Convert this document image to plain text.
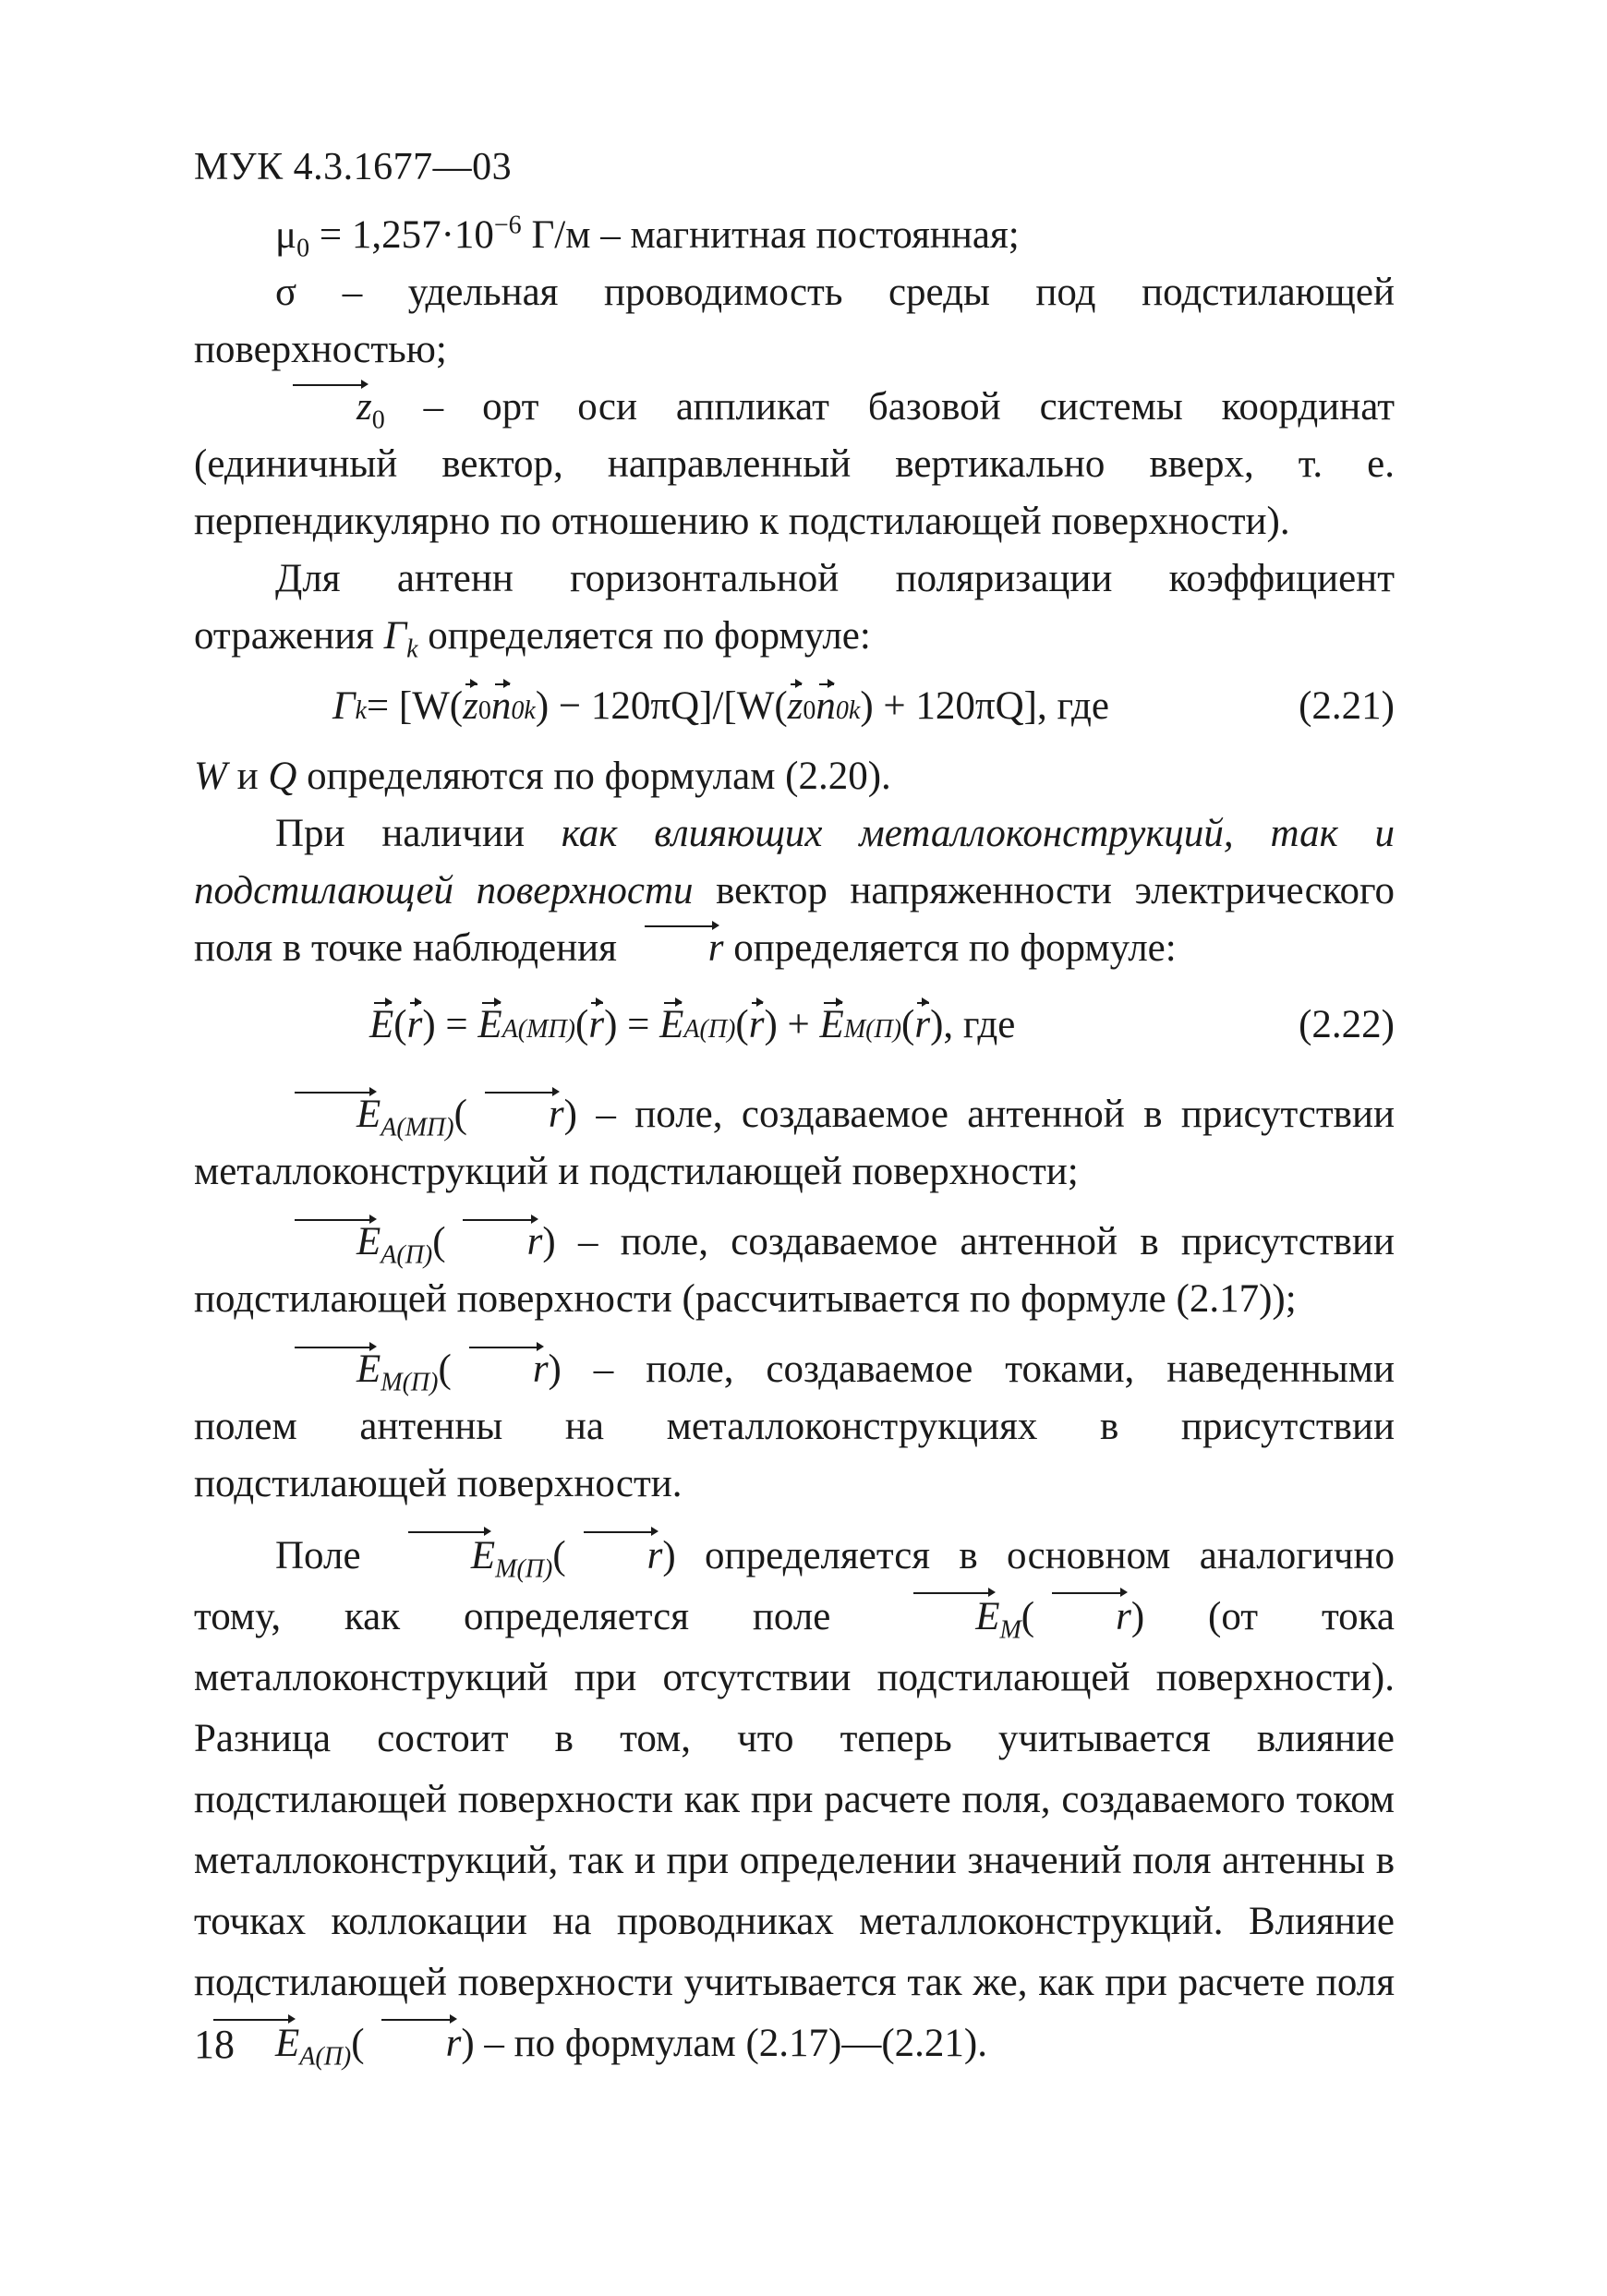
МУК 4.3.1677—03

$\mu_0 = 1,257\cdot 10^{-6}$ Г/м – магнитная постоянная;

σ – удельная проводимость среды под подстилающей поверхностью;

$z_0$ – орт оси аппликат базовой системы координат (единичный вектор, направленный вертикально вверх, т. е. перпендикулярно по отношению к подстилающей поверхности).

Для антенн горизонтальной поляризации коэффициент отражения $Г_k$ определяется по формуле:

Г k = [W( z 0 n 0k ) − 120πQ]/[W( z 0 n 0k ) + 120πQ] , где	(2.21)

W и Q определяются по формулам (2.20).

При наличии как влияющих металлоконструкций, так и подстилающей поверхности вектор напряженности электрического поля в точке наблюдения r определяется по формуле:

E ( r ) = E A(МП) ( r ) = E A(П) ( r ) + E M(П) ( r ) , где	(2.22)

$E_{A(МП)}$( r) – поле, создаваемое антенной в присутствии металлоконструкций и подстилающей поверхности;

$E_{A(П)}$( r) – поле, создаваемое антенной в присутствии подстилающей поверхности (рассчитывается по формуле (2.17));

$E_{M(П)}$( r) – поле, создаваемое токами, наведенными полем антенны на металлоконструкциях в присутствии подстилающей поверхности.

Поле $E_{M(П)}$( r) определяется в основном аналогично тому, как определяется поле $E_M$( r) (от тока металлоконструкций при отсутствии подстилающей поверхности). Разница состоит в том, что теперь учитывается влияние подстилающей поверхности как при расчете поля, создаваемого током металлоконструкций, так и при определении значений поля антенны в точках коллокации на проводниках металлоконструкций. Влияние подстилающей поверхности учитывается так же, как при расчете поля $E_{A(П)}$( r) – по формулам (2.17)—(2.21).

18
